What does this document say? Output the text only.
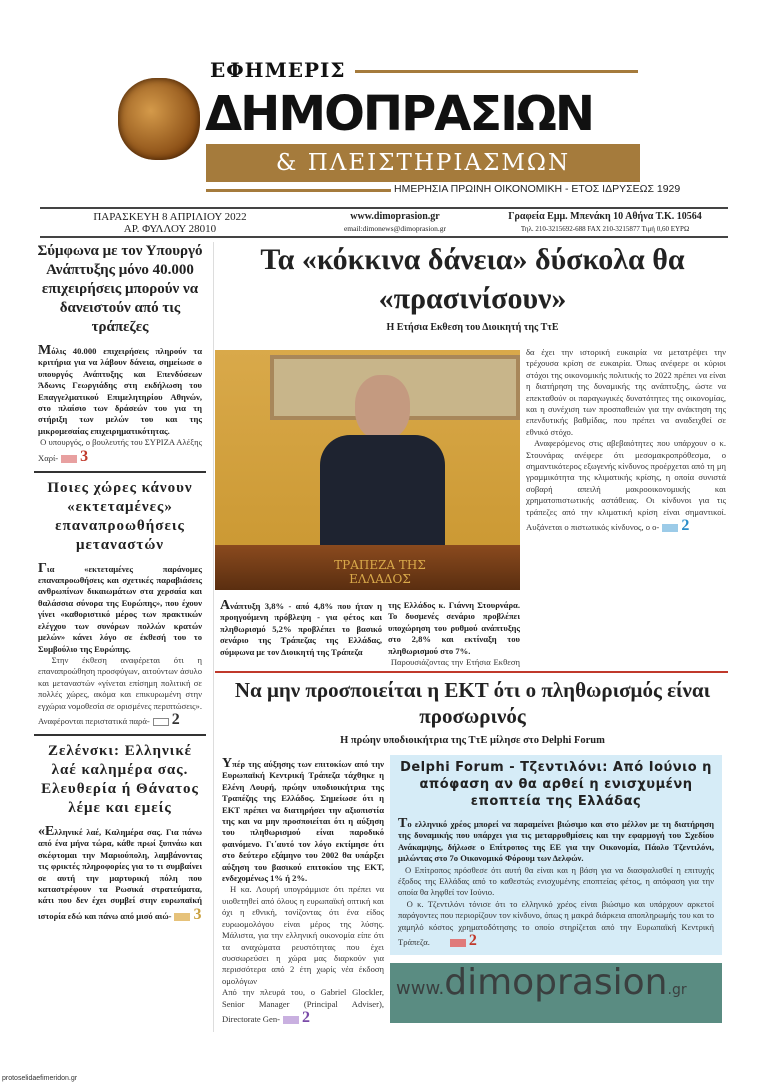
ΕΦΗΜΕΡΙΣ
ΔΗΜΟΠΡΑΣΙΩΝ
& ΠΛΕΙΣΤΗΡΙΑΣΜΩΝ
ΗΜΕΡΗΣΙΑ ΠΡΩΙΝΗ ΟΙΚΟΝΟΜΙΚΗ - ΕΤΟΣ ΙΔΡΥΣΕΩΣ 1929
ΠΑΡΑΣΚΕΥΗ 8 ΑΠΡΙΛΙΟΥ 2022
ΑΡ. ΦΥΛΛΟΥ 28010
www.dimoprasion.gr
email:dimonews@dimoprasion.gr
Γραφεία Εμμ. Μπενάκη 10 Αθήνα Τ.Κ. 10564
Τηλ. 210-3215692-688 FAX 210-3215877 Τιμή 0,60 ΕΥΡΩ
Σύμφωνα με τον Υπουργό Ανάπτυξης μόνο 40.000 επιχειρήσεις μπορούν να δανειστούν από τις τράπεζες
Μόλις 40.000 επιχειρήσεις πληρούν τα κριτήρια για να λάβουν δάνεια, σημείωσε ο υπουργός Ανάπτυξης και Επενδύσεων Άδωνις Γεωργιάδης στη εκδήλωση του Επαγγελματικού Επιμελητηρίου Αθηνών, στο πλαίσιο των δράσεών του για τη στήριξη των μελών του και της μικρομεσαίας επιχειρηματικότητας.
Ο υπουργός, ο βουλευτής του ΣΥΡΙΖΑ Αλέξης Χαρί- 3
Ποιες χώρες κάνουν «εκτεταμένες» επαναπροωθήσεις μεταναστών
Για «εκτεταμένες παράνομες επαναπροωθήσεις και σχετικές παραβιάσεις ανθρωπίνων δικαιωμάτων στα χερσαία και θαλάσσια σύνορα της Ευρώπης», που έχουν γίνει «καθοριστικό μέρος των πρακτικών ελέγχου των συνόρων πολλών κρατών μελών» κάνει λόγο σε έκθεσή του το Συμβούλιο της Ευρώπης.
Στην έκθεση αναφέρεται ότι η επαναπροώθηση προσφύγων, αιτούντων άσυλο και μεταναστών «γίνεται επίσημη πολιτική σε πολλές χώρες, ακόμα και επικυρωμένη στην εγχώρια νομοθεσία σε ορισμένες περιπτώσεις». Αναφέρονται περιστατικά παρά- 2
Ζελένσκι: Ελληνικέ λαέ καλημέρα σας. Ελευθερία ή Θάνατος λέμε και εμείς
«Ελληνικέ λαέ, Καλημέρα σας. Για πάνω από ένα μήνα τώρα, κάθε πρωί ξυπνάω και σκέφτομαι την Μαριούπολη, λαμβάνοντας τις φρικτές πληροφορίες για το τι συμβαίνει σε αυτή την μαρτυρική πόλη που καταστρέφουν τα Ρωσικά στρατεύματα, κάτι που δεν έχει συμβεί στην ευρωπαϊκή ιστορία εδώ και πάνω από μισό αιώ- 3
protoselidaefimeridon.gr
Τα «κόκκινα δάνεια» δύσκολα θα «πρασινίσουν»
Η Ετήσια Εκθεση του Διοικητή της ΤτΕ
ΤΡΑΠΕΖΑ ΤΗΣ ΕΛΛΑΔΟΣ
Ανάπτυξη 3,8% - από 4,8% που ήταν η προηγούμενη πρόβλεψη - για φέτος και πληθωρισμό 5,2% προβλέπει το βασικό σενάριο της Τράπεζας της Ελλάδας, σύμφωνα με τον Διοικητή της Τράπεζα
της Ελλάδος κ. Γιάννη Στουρνάρα. Το δυσμενές σενάριο προβλέπει υποχώρηση του ρυθμού ανάπτυξης στο 2,8% και εκτίναξη του πληθωρισμού στο 7%.
Παρουσιάζοντας την Ετήσια Εκθεση
δα έχει την ιστορική ευκαιρία να μετατρέψει την τρέχουσα κρίση σε ευκαιρία. Όπως ανέφερε οι κύριοι στόχοι της οικονομικής πολιτικής το 2022 πρέπει να είναι η διατήρηση της δυναμικής της ανάπτυξης, ώστε να επεκταθούν οι παραγωγικές δυνατότητες της οικονομίας, και η συνέχιση των προσπαθειών για την ανάκτηση της επενδυτικής βαθμίδας, που πρέπει να αναδειχθεί σε εθνικό στόχο.
Αναφερόμενος στις αβεβαιότητες που υπάρχουν ο κ. Στουνάρας ανέφερε ότι μεσομακροπρόθεσμα, ο σημαντικότερος εξωγενής κίνδυνος προέρχεται από τη μη γραμμικότητα της κλιματικής κρίσης, η οποία συνιστά σοβαρή απειλή μακροοικονομικής και χρηματοπιστωτικής αστάθειας. Οι κίνδυνοι για τις τράπεζες από την κλιματική κρίση είναι σημαντικοί. Αυξάνεται ο πιστωτικός κίνδυνος, ο ο- 2
Να μην προσποιείται η ΕΚΤ ότι ο πληθωρισμός είναι προσωρινός
Η πρώην υποδιοικήτρια της ΤτΕ μίλησε στο Delphi Forum
Υπέρ της αύξησης των επιτοκίων από την Ευρωπαϊκή Κεντρική Τράπεζα τάχθηκε η Ελένη Λουρή, πρώην υποδιοικήτρια της Τραπέζης της Ελλάδος. Σημείωσε ότι η ΕΚΤ πρέπει να διατηρήσει την αξιοπιστία της και να μην προσποιείται ότι η αύξηση του πληθωρισμού είναι παροδικό φαινόμενο. Γι΄αυτό τον λόγο εκτίμησε ότι στο δεύτερο εξάμηνο του 2002 θα υπάρξει αύξηση του βασικού επιτοκίου της ΕΚΤ, ενδεχομένως 1% ή 2%.
Η κα. Λουρή υπογράμμισε ότι πρέπει να υιοθετηθεί από όλους η ευρωπαϊκή οπτική και όχι η εθνική, τονίζοντας ότι ένα είδος ευρωομολόγου είναι μέρος της λύσης. Μάλιστα, για την ελληνική οικονομία είπε ότι τα αναχώματα ρευστότητας που έχει συσσωρεύσει η χώρα μας διαρκούν για περισσότερα από 2 έτη χωρίς νέα έκδοση ομολόγων
Από την πλευρά του, ο Gabriel Glockler, Senior Manager (Principal Adviser), Directorate Gen- 2
Delphi Forum - Τζεντιλόνι: Από Ιούνιο η απόφαση αν θα αρθεί η ενισχυμένη εποπτεία της Ελλάδας
Το ελληνικό χρέος μπορεί να παραμείνει βιώσιμο και στο μέλλον με τη διατήρηση της δυναμικής που υπάρχει για τις μεταρρυθμίσεις και την εφαρμογή του Σχεδίου Ανάκαμψης, δήλωσε ο Επίτροπος της ΕΕ για την Οικονομία, Πάολο Τζεντιλόνι, μιλώντας στο 7ο Οικονομικό Φόρουμ των Δελφών.
Ο Επίτροπος πρόσθεσε ότι αυτή θα είναι και η βάση για να διασφαλισθεί η επιτυχής έξοδος της Ελλάδας από το καθεστώς ενισχυμένης εποπτείας φέτος, η απόφαση για την οποία θα ληφθεί τον Ιούνιο.
Ο κ. Τζεντιλόνι τόνισε ότι το ελληνικό χρέος είναι βιώσιμο και υπάρχουν αρκετοί παράγοντες που περιορίζουν τον κίνδυνο, όπως η μακρά διάρκεια αποπληρωμής του και το χαμηλό κόστος χρηματοδότησης το οποίο στηρίζεται από την Ευρωπαϊκή Κεντρική Τράπεζα. 2
www.dimoprasion.gr
